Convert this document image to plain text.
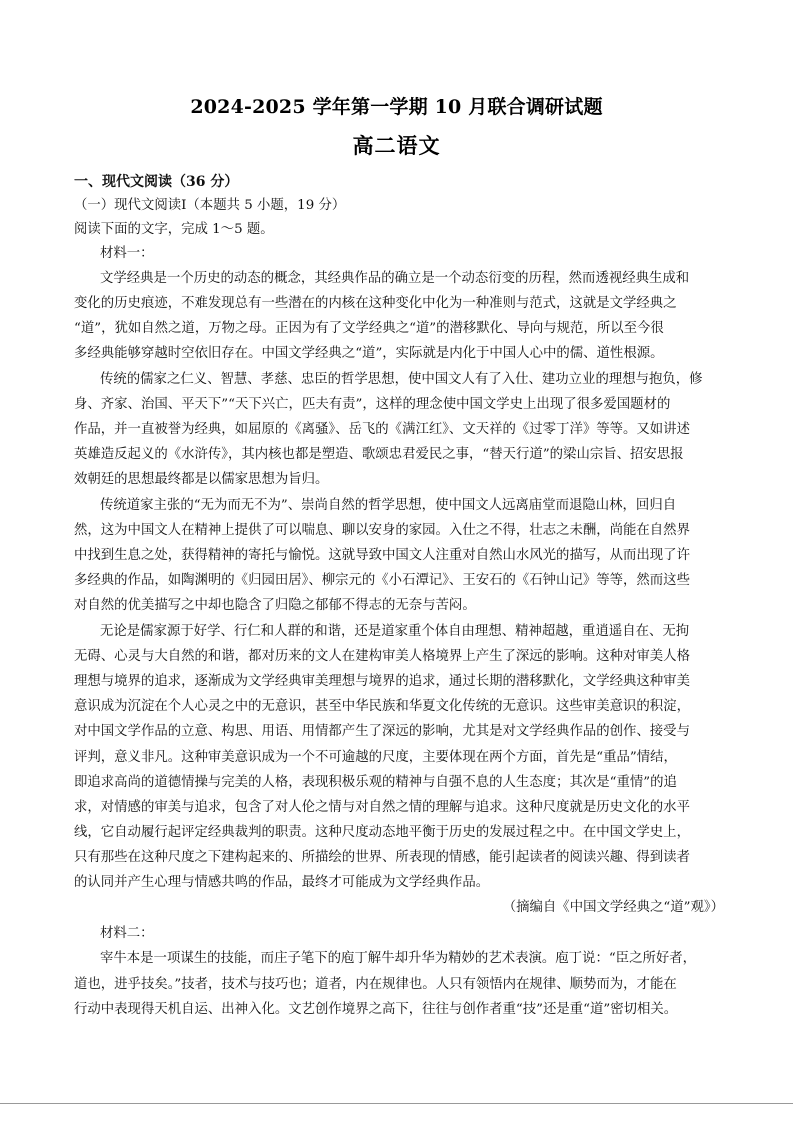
2024-2025 学年第一学期 10 月联合调研试题
高二语文
一、现代文阅读（36 分）
（一）现代文阅读Ⅰ（本题共 5 小题，19 分）
阅读下面的文字，完成 1～5 题。
材料一：
文学经典是一个历史的动态的概念，其经典作品的确立是一个动态衍变的历程，然而透视经典生成和
变化的历史痕迹，不难发现总有一些潜在的内核在这种变化中化为一种准则与范式，这就是文学经典之
“道”，犹如自然之道，万物之母。正因为有了文学经典之“道”的潜移默化、导向与规范，所以至今很
多经典能够穿越时空依旧存在。中国文学经典之“道”，实际就是内化于中国人心中的儒、道性根源。
传统的儒家之仁义、智慧、孝慈、忠臣的哲学思想，使中国文人有了入仕、建功立业的理想与抱负，修
身、齐家、治国、平天下”“天下兴亡，匹夫有责”，这样的理念使中国文学史上出现了很多爱国题材的
作品，并一直被誉为经典，如屈原的《离骚》、岳飞的《满江红》、文天祥的《过零丁洋》等等。又如讲述
英雄造反起义的《水浒传》，其内核也都是塑造、歌颂忠君爱民之事，“替天行道”的梁山宗旨、招安思报
效朝廷的思想最终都是以儒家思想为旨归。
传统道家主张的“无为而无不为”、崇尚自然的哲学思想，使中国文人远离庙堂而退隐山林，回归自
然，这为中国文人在精神上提供了可以喘息、聊以安身的家园。入仕之不得，壮志之未酬，尚能在自然界
中找到生息之处，获得精神的寄托与愉悦。这就导致中国文人注重对自然山水风光的描写，从而出现了许
多经典的作品，如陶渊明的《归园田居》、柳宗元的《小石潭记》、王安石的《石钟山记》等等，然而这些
对自然的优美描写之中却也隐含了归隐之郁郁不得志的无奈与苦闷。
无论是儒家源于好学、行仁和人群的和谐，还是道家重个体自由理想、精神超越，重逍遥自在、无拘
无碍、心灵与大自然的和谐，都对历来的文人在建构审美人格境界上产生了深远的影响。这种对审美人格
理想与境界的追求，逐渐成为文学经典审美理想与境界的追求，通过长期的潜移默化，文学经典这种审美
意识成为沉淀在个人心灵之中的无意识，甚至中华民族和华夏文化传统的无意识。这些审美意识的积淀，
对中国文学作品的立意、构思、用语、用情都产生了深远的影响，尤其是对文学经典作品的创作、接受与
评判，意义非凡。这种审美意识成为一个不可逾越的尺度，主要体现在两个方面，首先是“重品”情结，
即追求高尚的道德情操与完美的人格，表现积极乐观的精神与自强不息的人生态度；其次是“重情”的追
求，对情感的审美与追求，包含了对人伦之情与对自然之情的理解与追求。这种尺度就是历史文化的水平
线，它自动履行起评定经典裁判的职责。这种尺度动态地平衡于历史的发展过程之中。在中国文学史上，
只有那些在这种尺度之下建构起来的、所描绘的世界、所表现的情感，能引起读者的阅读兴趣、得到读者
的认同并产生心理与情感共鸣的作品，最终才可能成为文学经典作品。
（摘编自《中国文学经典之“道”观》）
材料二：
宰牛本是一项谋生的技能，而庄子笔下的庖丁解牛却升华为精妙的艺术表演。庖丁说：“臣之所好者，
道也，进乎技矣。”技者，技术与技巧也；道者，内在规律也。人只有领悟内在规律、顺势而为，才能在
行动中表现得天机自运、出神入化。文艺创作境界之高下，往往与创作者重“技”还是重“道”密切相关。
